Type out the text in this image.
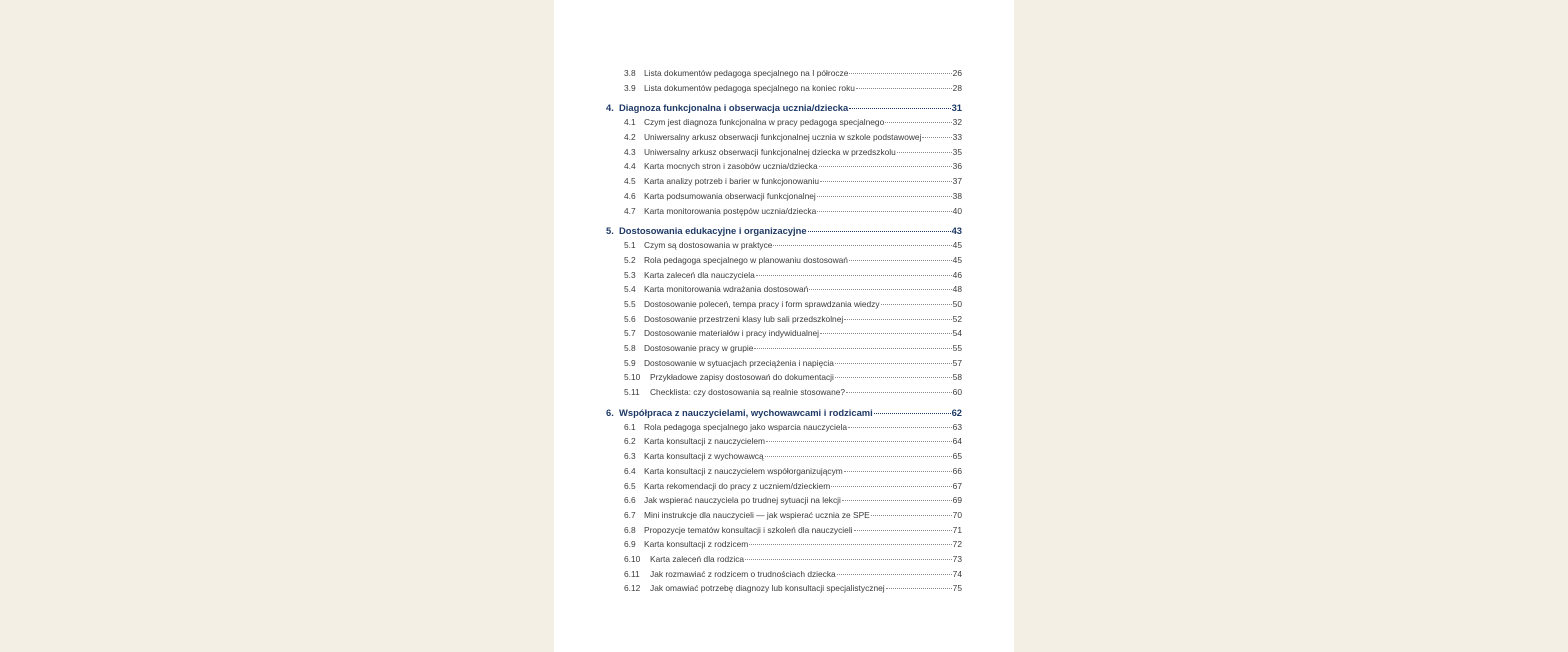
3.8 Lista dokumentów pedagoga specjalnego na I półrocze	26
3.9 Lista dokumentów pedagoga specjalnego na koniec roku	28
4. Diagnoza funkcjonalna i obserwacja ucznia/dziecka	31
4.1 Czym jest diagnoza funkcjonalna w pracy pedagoga specjalnego	32
4.2 Uniwersalny arkusz obserwacji funkcjonalnej ucznia w szkole podstawowej	33
4.3 Uniwersalny arkusz obserwacji funkcjonalnej dziecka w przedszkolu	35
4.4 Karta mocnych stron i zasobów ucznia/dziecka	36
4.5 Karta analizy potrzeb i barier w funkcjonowaniu	37
4.6 Karta podsumowania obserwacji funkcjonalnej	38
4.7 Karta monitorowania postępów ucznia/dziecka	40
5. Dostosowania edukacyjne i organizacyjne	43
5.1 Czym są dostosowania w praktyce	45
5.2 Rola pedagoga specjalnego w planowaniu dostosowań	45
5.3 Karta zaleceń dla nauczyciela	46
5.4 Karta monitorowania wdrażania dostosowań	48
5.5 Dostosowanie poleceń, tempa pracy i form sprawdzania wiedzy	50
5.6 Dostosowanie przestrzeni klasy lub sali przedszkolnej	52
5.7 Dostosowanie materiałów i pracy indywidualnej	54
5.8 Dostosowanie pracy w grupie	55
5.9 Dostosowanie w sytuacjach przeciążenia i napięcia	57
5.10	Przykładowe zapisy dostosowań do dokumentacji	58
5.11	Checklista: czy dostosowania są realnie stosowane?	60
6. Współpraca z nauczycielami, wychowawcami i rodzicami	62
6.1 Rola pedagoga specjalnego jako wsparcia nauczyciela	63
6.2 Karta konsultacji z nauczycielem	64
6.3 Karta konsultacji z wychowawcą	65
6.4 Karta konsultacji z nauczycielem współorganizującym	66
6.5 Karta rekomendacji do pracy z uczniem/dzieckiem	67
6.6 Jak wspierać nauczyciela po trudnej sytuacji na lekcji	69
6.7 Mini instrukcje dla nauczycieli — jak wspierać ucznia ze SPE	70
6.8 Propozycje tematów konsultacji i szkoleń dla nauczycieli	71
6.9 Karta konsultacji z rodzicem	72
6.10	Karta zaleceń dla rodzica	73
6.11	Jak rozmawiać z rodzicem o trudnościach dziecka	74
6.12	Jak omawiać potrzebę diagnozy lub konsultacji specjalistycznej	75
